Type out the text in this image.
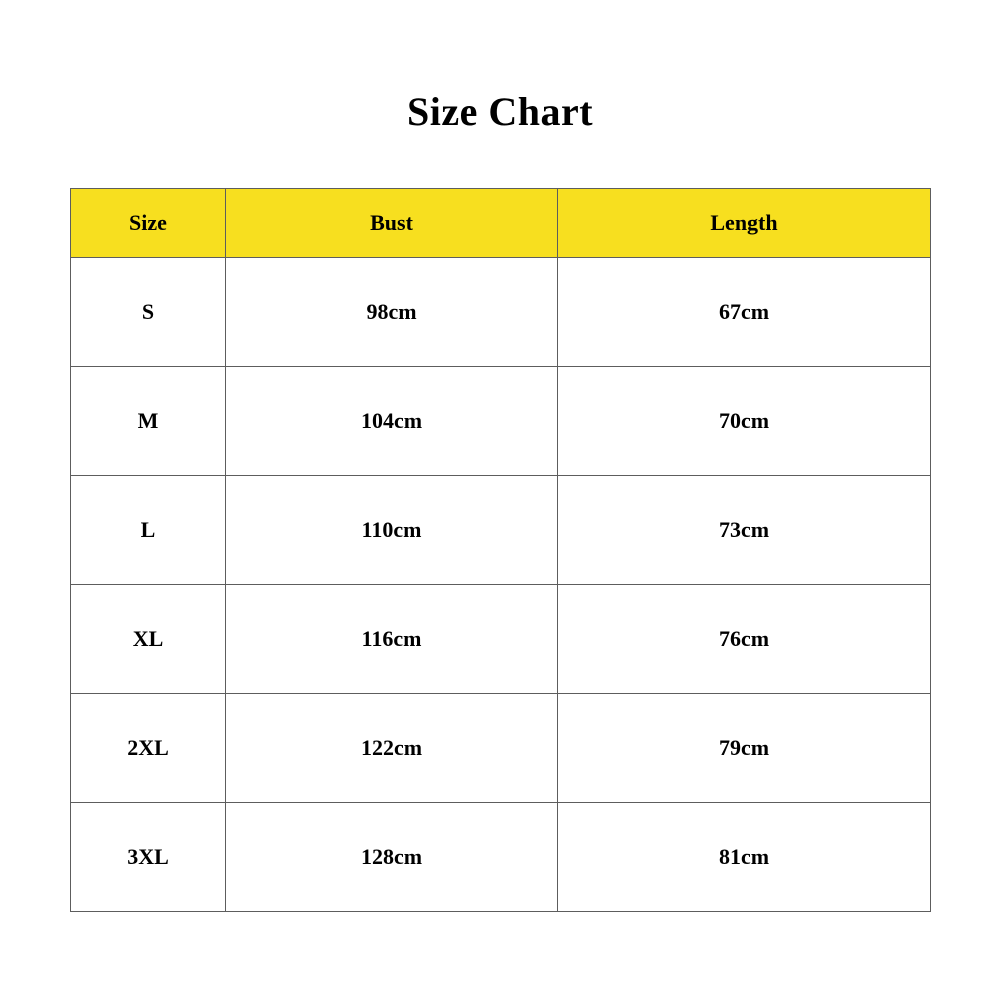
Size Chart
Size	Bust	Length
S	98cm	67cm
M	104cm	70cm
L	110cm	73cm
XL	116cm	76cm
2XL	122cm	79cm
3XL	128cm	81cm
